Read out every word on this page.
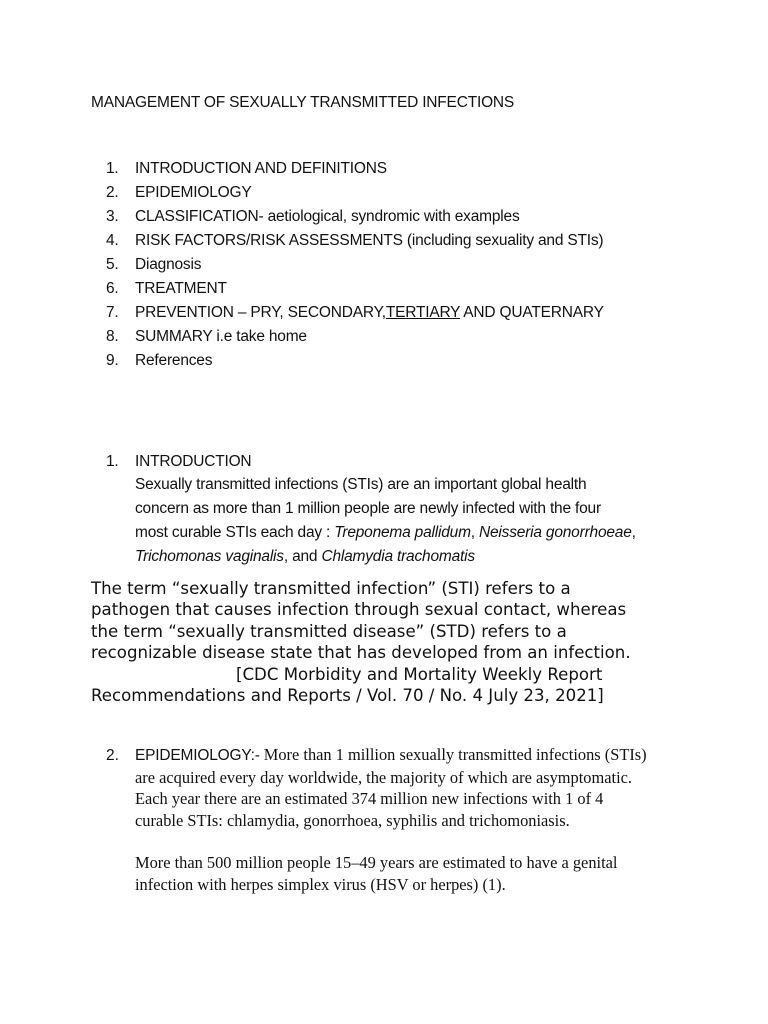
MANAGEMENT OF SEXUALLY TRANSMITTED INFECTIONS
1. INTRODUCTION AND DEFINITIONS
2. EPIDEMIOLOGY
3. CLASSIFICATION- aetiological, syndromic with examples
4. RISK FACTORS/RISK ASSESSMENTS (including sexuality and STIs)
5. Diagnosis
6. TREATMENT
7. PREVENTION – PRY, SECONDARY,TERTIARY AND QUATERNARY
8. SUMMARY i.e take home
9. References
1. INTRODUCTION
Sexually transmitted infections (STIs) are an important global health
concern as more than 1 million people are newly infected with the four
most curable STIs each day : Treponema pallidum, Neisseria gonorrhoeae,
Trichomonas vaginalis, and Chlamydia trachomatis
The term “sexually transmitted infection” (STI) refers to a
pathogen that causes infection through sexual contact, whereas
the term “sexually transmitted disease” (STD) refers to a
recognizable disease state that has developed from an infection.
[CDC Morbidity and Mortality Weekly Report
Recommendations and Reports / Vol. 70 / No. 4 July 23, 2021]
2. EPIDEMIOLOGY:- More than 1 million sexually transmitted infections (STIs)
are acquired every day worldwide, the majority of which are asymptomatic.
Each year there are an estimated 374 million new infections with 1 of 4
curable STIs: chlamydia, gonorrhoea, syphilis and trichomoniasis.
More than 500 million people 15–49 years are estimated to have a genital
infection with herpes simplex virus (HSV or herpes) (1).
